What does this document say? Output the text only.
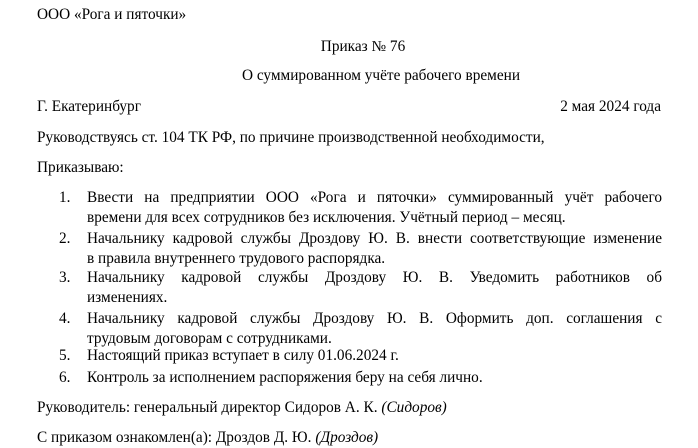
ООО «Рога и пяточки»
Приказ № 76
О суммированном учёте рабочего времени
Г. Екатеринбург	2 мая 2024 года
Руководствуясь ст. 104 ТК РФ, по причине производственной необходимости,
Приказываю:
1.	Ввести на предприятии ООО «Рога и пяточки» суммированный учёт рабочего
времени для всех сотрудников без исключения. Учётный период – месяц.
2.	Начальнику кадровой службы Дроздову Ю. В. внести соответствующие изменение
в правила внутреннего трудового распорядка.
3.	Начальнику кадровой службы Дроздову Ю. В. Уведомить работников об
изменениях.
4.	Начальнику кадровой службы Дроздову Ю. В. Оформить доп. соглашения с
трудовым договорам с сотрудниками.
5.	Настоящий приказ вступает в силу 01.06.2024 г.
6.	Контроль за исполнением распоряжения беру на себя лично.
Руководитель: генеральный директор Сидоров А. К. (Сидоров)
С приказом ознакомлен(а): Дроздов Д. Ю. (Дроздов)
